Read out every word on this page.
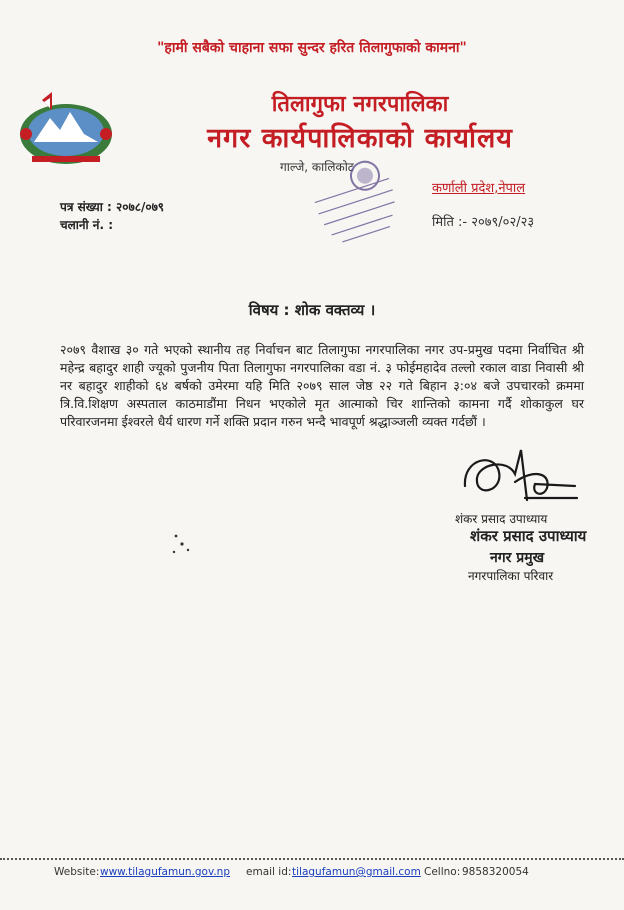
"हामी सबैको चाहाना सफा सुन्दर हरित तिलागुफाको कामना"
तिलागुफा नगरपालिका
नगर कार्यपालिकाको कार्यालय
गाल्जे, कालिकोट
कर्णाली प्रदेश,नेपाल
पत्र संख्या : २०७८/०७९
चलानी नं. :	मिति :- २०७९/०२/२३
विषय : शोक वक्तव्य ।
२०७९ वैशाख ३० गते भएको स्थानीय तह निर्वाचन बाट तिलागुफा नगरपालिका नगर उप-प्रमुख पदमा निर्वाचित श्री महेन्द्र बहादुर शाही ज्यूको पुजनीय पिता तिलागुफा नगरपालिका वडा नं. ३ फोईमहादेव तल्लो रकाल वाडा निवासी श्री नर बहादुर शाहीको ६४ बर्षको उमेरमा यहि मिति २०७९ साल जेष्ठ २२ गते बिहान ३:०४ बजे उपचारको क्रममा त्रि.वि.शिक्षण अस्पताल काठमाडौंमा निधन भएकोले मृत आत्माको चिर शान्तिको कामना गर्दै शोकाकुल घर परिवारजनमा ईश्वरले धैर्य धारण गर्ने शक्ति प्रदान गरुन भन्दै भावपूर्ण श्रद्धाञ्जली व्यक्त गर्दछौं ।
शंकर प्रसाद उपाध्याय
शंकर प्रसाद उपाध्याय
नगर प्रमुख
नगरपालिका परिवार
Website: www.tilagufamun.gov.np email id: tilagufamun@gmail.com Cellno: 9858320054
